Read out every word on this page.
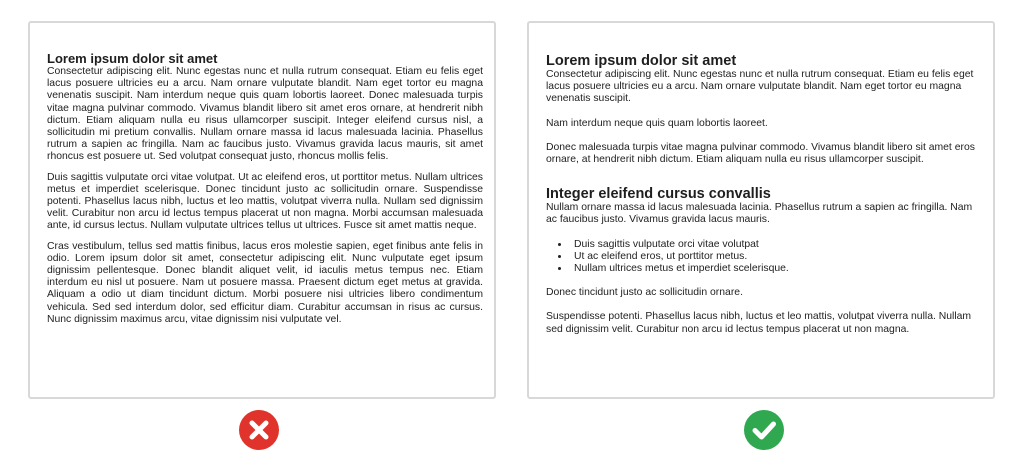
Lorem ipsum dolor sit amet

Consectetur adipiscing elit. Nunc egestas nunc et nulla rutrum consequat. Etiam eu felis eget lacus posuere ultricies eu a arcu. Nam ornare vulputate blandit. Nam eget tortor eu magna venenatis suscipit. Nam interdum neque quis quam lobortis laoreet. Donec malesuada turpis vitae magna pulvinar commodo. Vivamus blandit libero sit amet eros ornare, at hendrerit nibh dictum. Etiam aliquam nulla eu risus ullamcorper suscipit. Integer eleifend cursus nisl, a sollicitudin mi pretium convallis. Nullam ornare massa id lacus malesuada lacinia. Phasellus rutrum a sapien ac fringilla. Nam ac faucibus justo. Vivamus gravida lacus mauris, sit amet rhoncus est posuere ut. Sed volutpat consequat justo, rhoncus mollis felis.

Duis sagittis vulputate orci vitae volutpat. Ut ac eleifend eros, ut porttitor metus. Nullam ultrices metus et imperdiet scelerisque. Donec tincidunt justo ac sollicitudin ornare. Suspendisse potenti. Phasellus lacus nibh, luctus et leo mattis, volutpat viverra nulla. Nullam sed dignissim velit. Curabitur non arcu id lectus tempus placerat ut non magna. Morbi accumsan malesuada ante, id cursus lectus. Nullam vulputate ultrices tellus ut ultrices. Fusce sit amet mattis neque.

Cras vestibulum, tellus sed mattis finibus, lacus eros molestie sapien, eget finibus ante felis in odio. Lorem ipsum dolor sit amet, consectetur adipiscing elit. Nunc vulputate eget ipsum dignissim pellentesque. Donec blandit aliquet velit, id iaculis metus tempus nec. Etiam interdum eu nisl ut posuere. Nam ut posuere massa. Praesent dictum eget metus at gravida. Aliquam a odio ut diam tincidunt dictum. Morbi posuere nisi ultricies libero condimentum vehicula. Sed sed interdum dolor, sed efficitur diam. Curabitur accumsan in risus ac cursus. Nunc dignissim maximus arcu, vitae dignissim nisi vulputate vel.

Lorem ipsum dolor sit amet

Consectetur adipiscing elit. Nunc egestas nunc et nulla rutrum consequat. Etiam eu felis eget lacus posuere ultricies eu a arcu. Nam ornare vulputate blandit. Nam eget tortor eu magna venenatis suscipit.

Nam interdum neque quis quam lobortis laoreet.

Donec malesuada turpis vitae magna pulvinar commodo. Vivamus blandit libero sit amet eros ornare, at hendrerit nibh dictum. Etiam aliquam nulla eu risus ullamcorper suscipit.

Integer eleifend cursus convallis

Nullam ornare massa id lacus malesuada lacinia. Phasellus rutrum a sapien ac fringilla. Nam ac faucibus justo. Vivamus gravida lacus mauris.

• Duis sagittis vulputate orci vitae volutpat
• Ut ac eleifend eros, ut porttitor metus.
• Nullam ultrices metus et imperdiet scelerisque.

Donec tincidunt justo ac sollicitudin ornare.

Suspendisse potenti. Phasellus lacus nibh, luctus et leo mattis, volutpat viverra nulla. Nullam sed dignissim velit. Curabitur non arcu id lectus tempus placerat ut non magna.
